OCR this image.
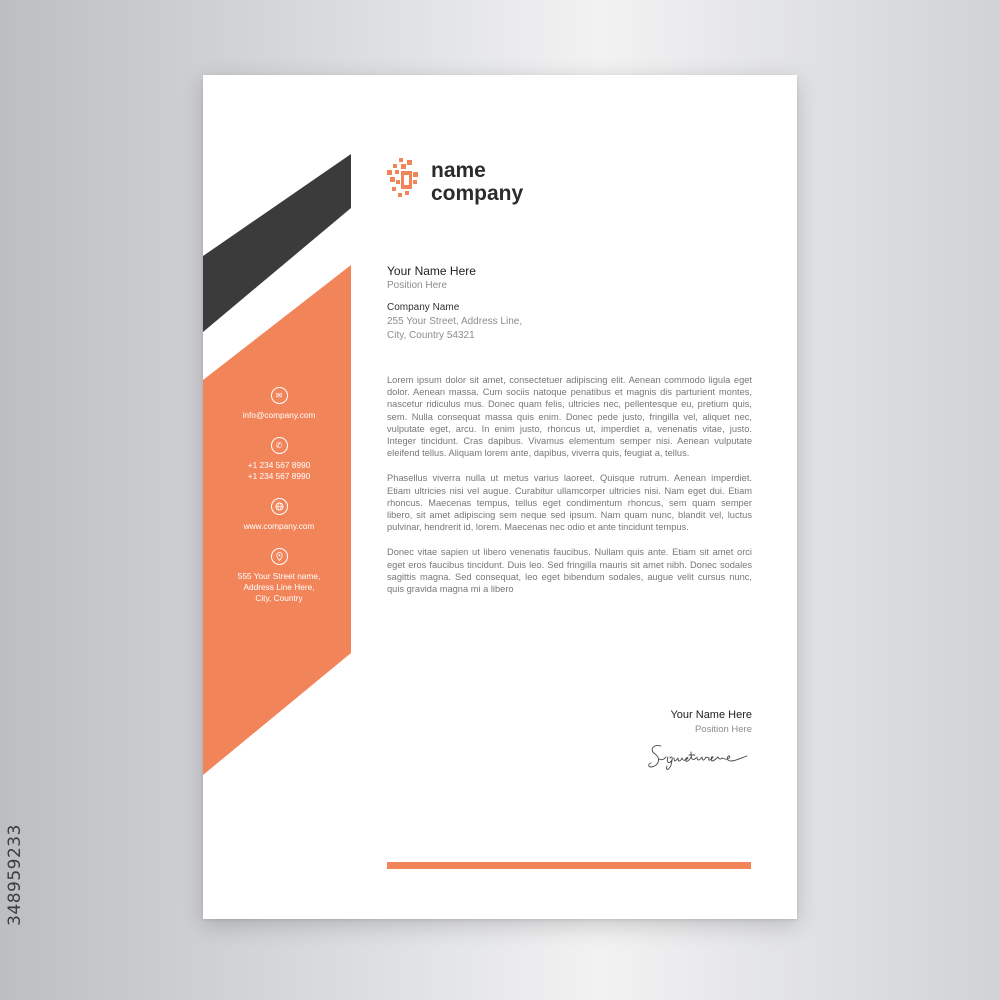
348959233
name
company
Your Name Here
Position Here
Company Name
255 Your Street, Address Line,
City, Country 54321

Lorem ipsum dolor sit amet, consectetuer adipiscing elit. Aenean commodo ligula eget dolor. Aenean massa. Cum sociis natoque penatibus et magnis dis parturient montes, nascetur ridiculus mus. Donec quam felis, ultricies nec, pellentesque eu, pretium quis, sem. Nulla consequat massa quis enim. Donec pede justo, fringilla vel, aliquet nec, vulputate eget, arcu. In enim justo, rhoncus ut, imperdiet a, venenatis vitae, justo. Integer tincidunt. Cras dapibus. Vivamus elementum semper nisi. Aenean vulputate eleifend tellus. Aliquam lorem ante, dapibus, viverra quis, feugiat a, tellus.

Phasellus viverra nulla ut metus varius laoreet. Quisque rutrum. Aenean imperdiet. Etiam ultricies nisi vel augue. Curabitur ullamcorper ultricies nisi. Nam eget dui. Etiam rhoncus. Maecenas tempus, tellus eget condimentum rhoncus, sem quam semper libero, sit amet adipiscing sem neque sed ipsum. Nam quam nunc, blandit vel, luctus pulvinar, hendrerit id, lorem. Maecenas nec odio et ante tincidunt tempus.

Donec vitae sapien ut libero venenatis faucibus. Nullam quis ante. Etiam sit amet orci eget eros faucibus tincidunt. Duis leo. Sed fringilla mauris sit amet nibh. Donec sodales sagittis magna. Sed consequat, leo eget bibendum sodales, augue velit cursus nunc, quis gravida magna mi a libero

✉
info@company.com
✆
+1 234 567 8990
+1 234 567 8990
www.company.com
555 Your Street name,
Address Line Here,
City, Country
Your Name Here
Position Here
